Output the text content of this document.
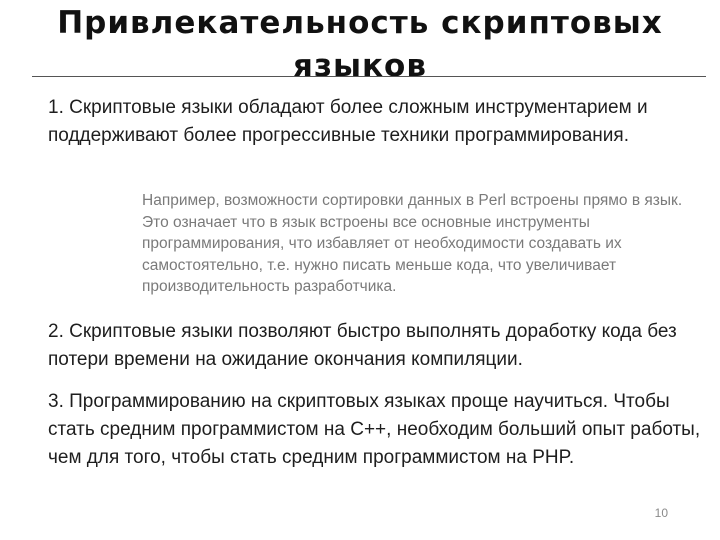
Привлекательность скриптовых языков

1. Скриптовые языки обладают более сложным инструментарием и поддерживают более прогрессивные техники программирования.

Например, возможности сортировки данных в Perl встроены прямо в язык. Это означает что в язык встроены все основные инструменты программирования, что избавляет от необходимости создавать их самостоятельно, т.е. нужно писать меньше кода, что увеличивает производительность разработчика.

2. Скриптовые языки позволяют быстро выполнять доработку кода без потери времени на ожидание окончания компиляции.

3. Программированию на скриптовых языках проще научиться. Чтобы стать средним программистом на C++, необходим больший опыт работы, чем для того, чтобы стать средним программистом на PHP.

10
